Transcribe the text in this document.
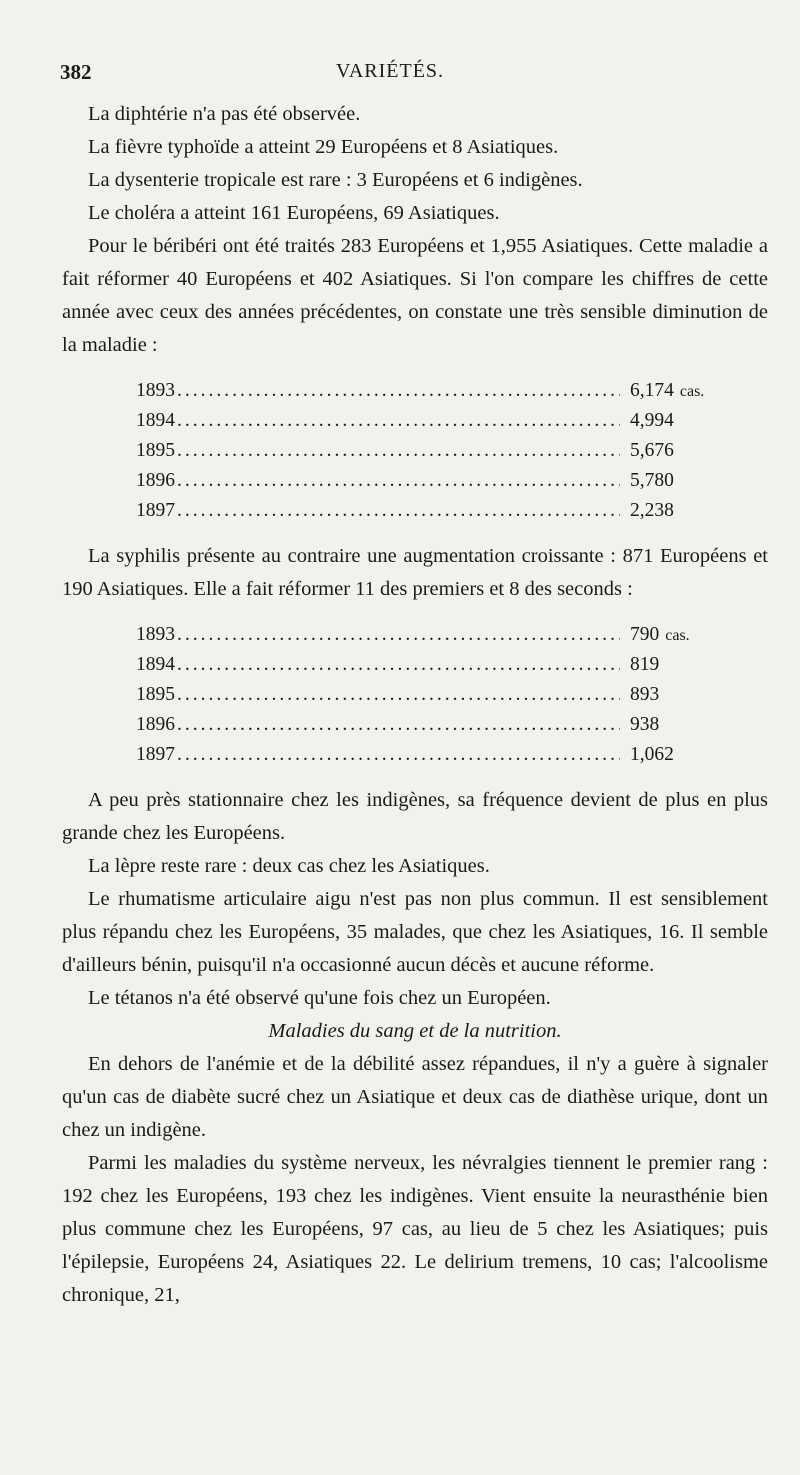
382	VARIÉTÉS.

La diphtérie n'a pas été observée.

La fièvre typhoïde a atteint 29 Européens et 8 Asiatiques.

La dysenterie tropicale est rare : 3 Européens et 6 indigènes.

Le choléra a atteint 161 Européens, 69 Asiatiques.

Pour le béribéri ont été traités 283 Européens et 1,955 Asiatiques. Cette maladie a fait réformer 40 Européens et 402 Asiatiques. Si l'on compare les chiffres de cette année avec ceux des années précédentes, on constate une très sensible diminution de la maladie :

1893 .....	6,174 cas.
1894 .....	4,994
1895 .....	5,676
1896 .....	5,780
1897 .....	2,238

La syphilis présente au contraire une augmentation croissante : 871 Européens et 190 Asiatiques. Elle a fait réformer 11 des premiers et 8 des seconds :

1893 .....	790 cas.
1894 .....	819
1895 .....	893
1896 .....	938
1897 .....	1,062

A peu près stationnaire chez les indigènes, sa fréquence devient de plus en plus grande chez les Européens.

La lèpre reste rare : deux cas chez les Asiatiques.

Le rhumatisme articulaire aigu n'est pas non plus commun. Il est sensiblement plus répandu chez les Européens, 35 malades, que chez les Asiatiques, 16. Il semble d'ailleurs bénin, puisqu'il n'a occasionné aucun décès et aucune réforme.

Le tétanos n'a été observé qu'une fois chez un Européen.

Maladies du sang et de la nutrition.

En dehors de l'anémie et de la débilité assez répandues, il n'y a guère à signaler qu'un cas de diabète sucré chez un Asiatique et deux cas de diathèse urique, dont un chez un indigène.

Parmi les maladies du système nerveux, les névralgies tiennent le premier rang : 192 chez les Européens, 193 chez les indigènes. Vient ensuite la neurasthénie bien plus commune chez les Européens, 97 cas, au lieu de 5 chez les Asiatiques; puis l'épilepsie, Européens 24, Asiatiques 22. Le delirium tremens, 10 cas; l'alcoolisme chronique, 21,
